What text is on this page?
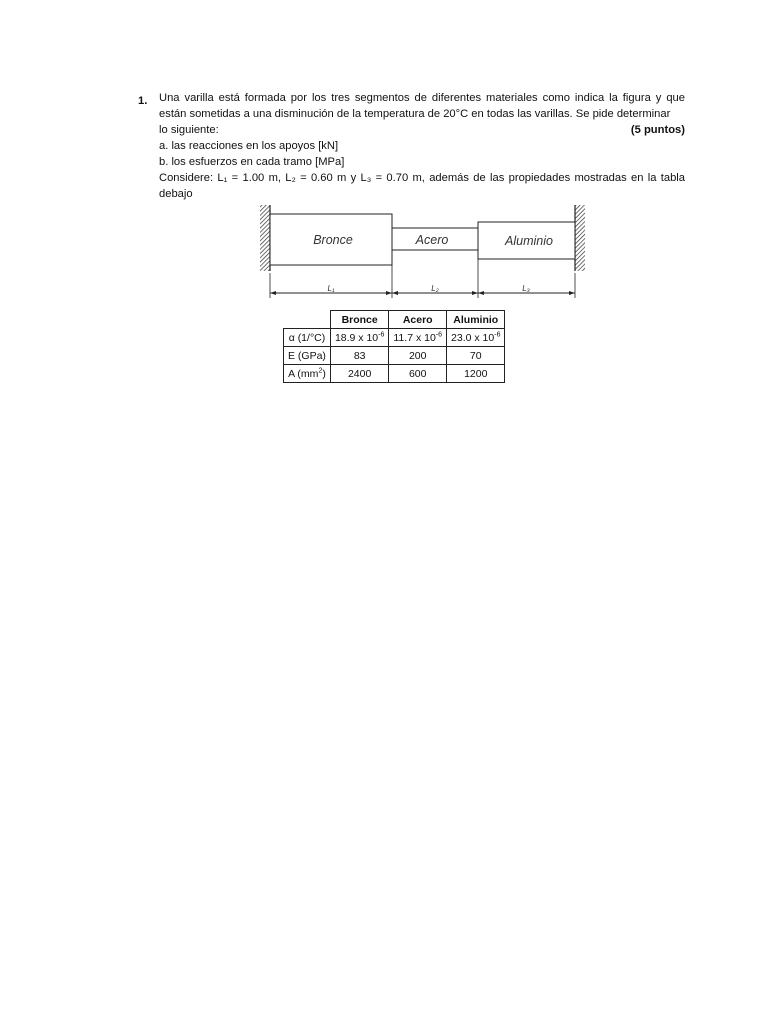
1. Una varilla está formada por los tres segmentos de diferentes materiales como indica la figura y que están sometidas a una disminución de la temperatura de 20°C en todas las varillas. Se pide determinar
lo siguiente:	(5 puntos)
a. las reacciones en los apoyos [kN]
b. los esfuerzos en cada tramo [MPa]
Considere: L₁ = 1.00 m, L₂ = 0.60 m y L₃ = 0.70 m, además de las propiedades mostradas en la tabla debajo
Bronce	Acero	Aluminio
L₁	L₂	L₃
	Bronce	Acero	Aluminio
α (1/°C)	18.9 x $10^{-6}$	11.7 x $10^{-6}$	23.0 x $10^{-6}$
E (GPa)	83	200	70
A $(mm^2)$	2400	600	1200
